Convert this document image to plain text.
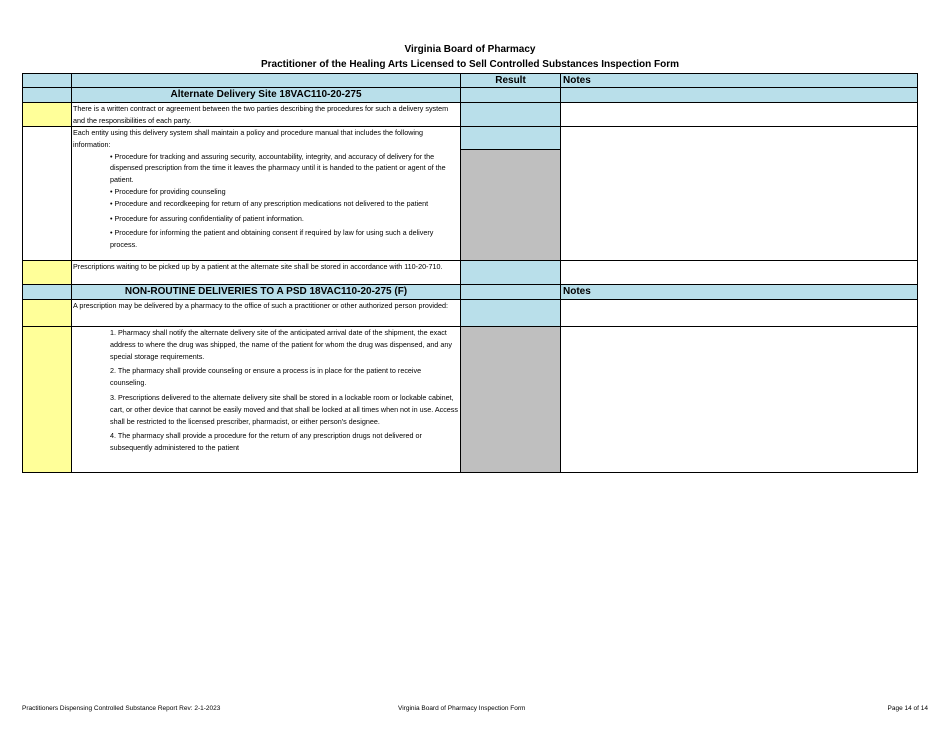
Virginia Board of Pharmacy
Practitioner of the Healing Arts Licensed to Sell Controlled Substances Inspection Form
Result	Notes
Alternate Delivery Site 18VAC110-20-275
There is a written contract or agreement between the two parties describing the procedures for such a delivery system and the responsibilities of each party.
Each entity using this delivery system shall maintain a policy and procedure manual that includes the following information:
• Procedure for tracking and assuring security, accountability, integrity, and accuracy of delivery for the dispensed prescription from the time it leaves the pharmacy until it is handed to the patient or agent of the patient.
• Procedure for providing counseling
• Procedure and recordkeeping for return of any prescription medications not delivered to the patient
• Procedure for assuring confidentiality of patient information.
• Procedure for informing the patient and obtaining consent if required by law for using such a delivery process.
Prescriptions waiting to be picked up by a patient at the alternate site shall be stored in accordance with 110-20-710.
NON-ROUTINE DELIVERIES TO A PSD 18VAC110-20-275 (F)	Notes
A prescription may be delivered by a pharmacy to the office of such a practitioner or other authorized person provided:
1. Pharmacy shall notify the alternate delivery site of the anticipated arrival date of the shipment, the exact address to where the drug was shipped, the name of the patient for whom the drug was dispensed, and any special storage requirements.
2. The pharmacy shall provide counseling or ensure a process is in place for the patient to receive counseling.
3. Prescriptions delivered to the alternate delivery site shall be stored in a lockable room or lockable cabinet, cart, or other device that cannot be easily moved and that shall be locked at all times when not in use. Access shall be restricted to the licensed prescriber, pharmacist, or either person's designee.
4. The pharmacy shall provide a procedure for the return of any prescription drugs not delivered or subsequently administered to the patient
Practitioners Dispensing Controlled Substance Report Rev: 2-1-2023	Virginia Board of Pharmacy Inspection Form	Page 14 of 14
